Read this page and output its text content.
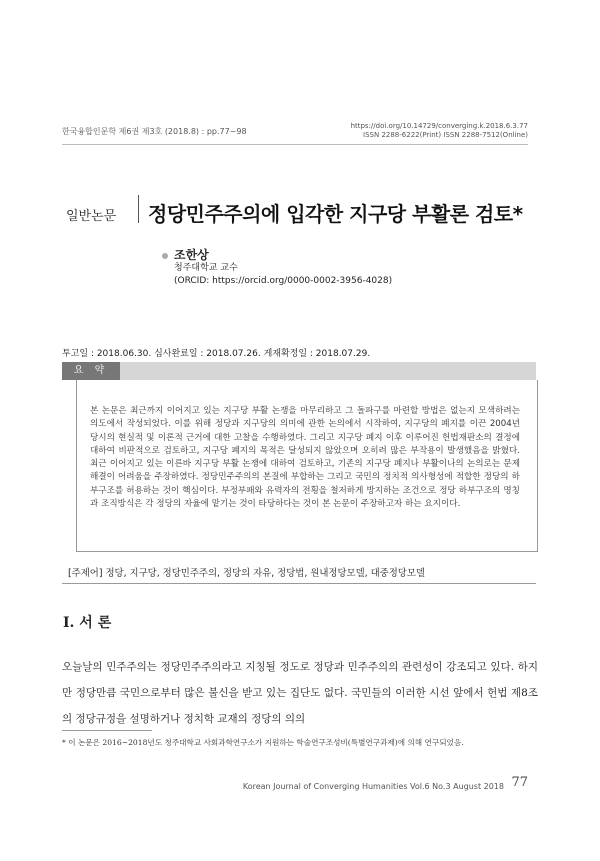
한국융합인문학 제6권 제3호 (2018.8) : pp.77~98
https://doi.org/10.14729/converging.k.2018.6.3.77
ISSN 2288-6222(Print) ISSN 2288-7512(Online)
일반논문 정당민주주의에 입각한 지구당 부활론 검토*
조한상
청주대학교 교수
(ORCID: https://orcid.org/0000-0002-3956-4028)
투고일 : 2018.06.30. 심사완료일 : 2018.07.26. 게재확정일 : 2018.07.29.
요 약
본 논문은 최근까지 이어지고 있는 지구당 부활 논쟁을 마무리하고 그 돌파구를 마련할 방법은 없는지 모색하려는 의도에서 작성되었다. 이를 위해 정당과 지구당의 의미에 관한 논의에서 시작하여, 지구당의 폐지를 이끈 2004년 당시의 현실적 및 이론적 근거에 대한 고찰을 수행하였다. 그리고 지구당 폐지 이후 이루어진 헌법재판소의 결정에 대하여 비판적으로 검토하고, 지구당 폐지의 목적은 달성되지 않았으며 오히려 많은 부작용이 발생했음을 밝혔다. 최근 이어지고 있는 이른바 지구당 부활 논쟁에 대하여 검토하고, 기존의 지구당 폐지나 부활이나의 논의로는 문제해결이 어려움을 주장하였다. 정당민주주의의 본질에 부합하는 그리고 국민의 정치적 의사형성에 적합한 정당의 하부구조를 허용하는 것이 핵심이다. 부정부패와 유력자의 전횡을 철저하게 방지하는 조건으로 정당 하부구조의 명칭과 조직방식은 각 정당의 자율에 맡기는 것이 타당하다는 것이 본 논문이 주장하고자 하는 요지이다.
[주제어] 정당, 지구당, 정당민주주의, 정당의 자유, 정당법, 원내정당모델, 대중정당모델
I. 서 론
오늘날의 민주주의는 정당민주주의라고 지칭될 정도로 정당과 민주주의의 관련성이 강조되고 있다. 하지만 정당만큼 국민으로부터 많은 불신을 받고 있는 집단도 없다. 국민들의 이러한 시선 앞에서 헌법 제8조의 정당규정을 설명하거나 정치학 교재의 정당의 의의
* 이 논문은 2016~2018년도 청주대학교 사회과학연구소가 지원하는 학술연구조성비(특별연구과제)에 의해 연구되었음.
Korean Journal of Converging Humanities Vol.6 No.3 August 2018 77
